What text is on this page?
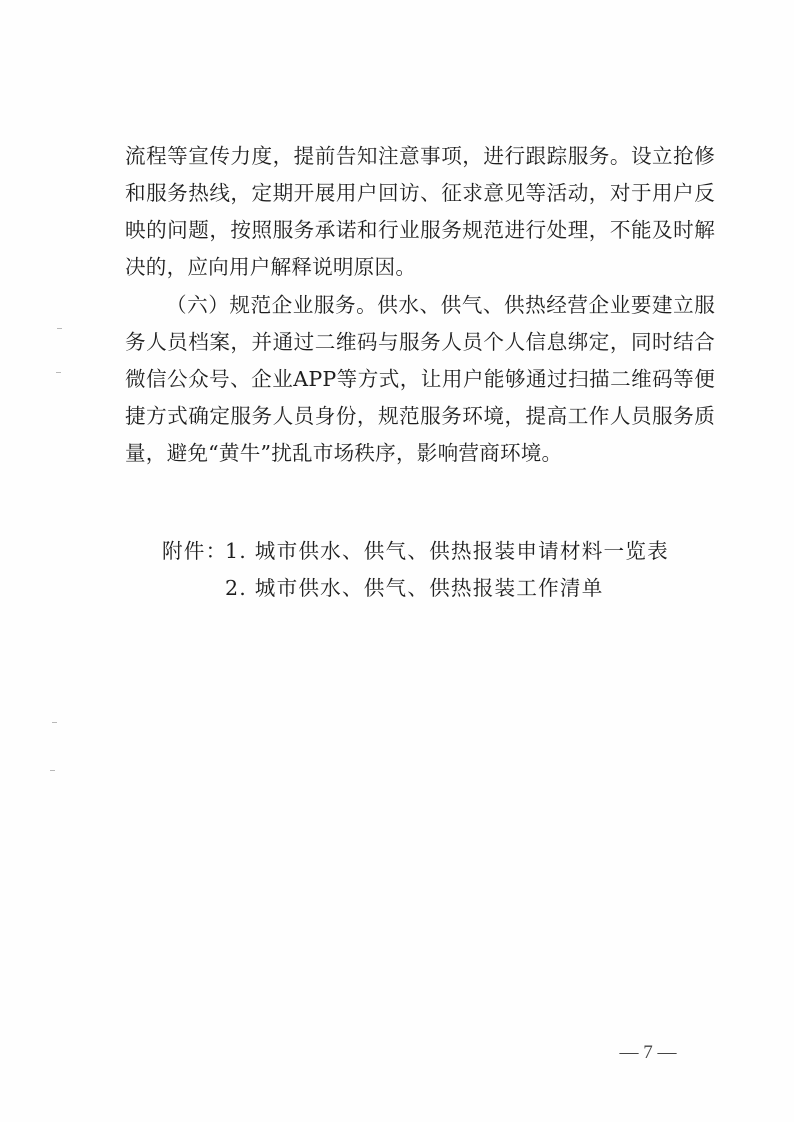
流程等宣传力度，提前告知注意事项，进行跟踪服务。设立抢修
和服务热线，定期开展用户回访、征求意见等活动，对于用户反
映的问题，按照服务承诺和行业服务规范进行处理，不能及时解
决的，应向用户解释说明原因。
（六）规范企业服务。供水、供气、供热经营企业要建立服
务人员档案，并通过二维码与服务人员个人信息绑定，同时结合
微信公众号、企业APP等方式，让用户能够通过扫描二维码等便
捷方式确定服务人员身份，规范服务环境，提高工作人员服务质
量，避免“黄牛”扰乱市场秩序，影响营商环境。
附件：
1. 城市供水、供气、供热报装申请材料一览表
2. 城市供水、供气、供热报装工作清单
— 7 —
